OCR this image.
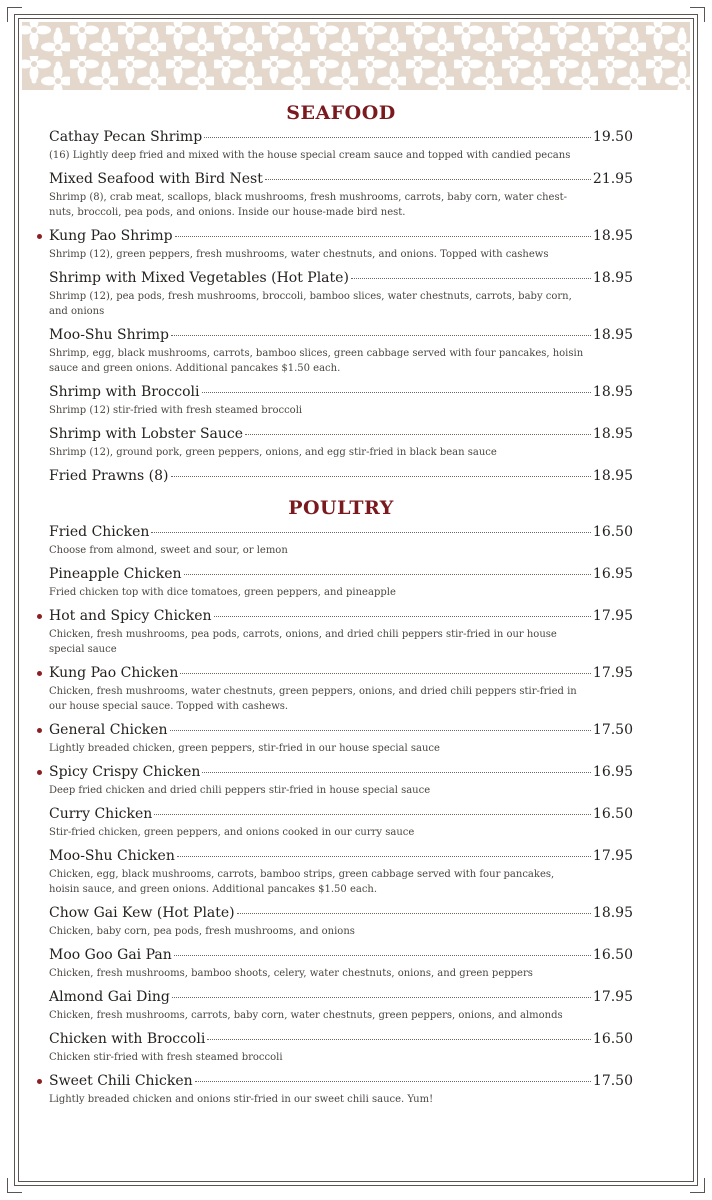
SEAFOOD
Cathay Pecan Shrimp	19.50
(16) Lightly deep fried and mixed with the house special cream sauce and topped with candied pecans
Mixed Seafood with Bird Nest	21.95
Shrimp (8), crab meat, scallops, black mushrooms, fresh mushrooms, carrots, baby corn, water chest-nuts, broccoli, pea pods, and onions. Inside our house-made bird nest.
Kung Pao Shrimp	18.95
Shrimp (12), green peppers, fresh mushrooms, water chestnuts, and onions. Topped with cashews
Shrimp with Mixed Vegetables (Hot Plate)	18.95
Shrimp (12), pea pods, fresh mushrooms, broccoli, bamboo slices, water chestnuts, carrots, baby corn, and onions
Moo-Shu Shrimp	18.95
Shrimp, egg, black mushrooms, carrots, bamboo slices, green cabbage served with four pancakes, hoisin sauce and green onions. Additional pancakes $1.50 each.
Shrimp with Broccoli	18.95
Shrimp (12) stir-fried with fresh steamed broccoli
Shrimp with Lobster Sauce	18.95
Shrimp (12), ground pork, green peppers, onions, and egg stir-fried in black bean sauce
Fried Prawns (8)	18.95
POULTRY
Fried Chicken	16.50
Choose from almond, sweet and sour, or lemon
Pineapple Chicken	16.95
Fried chicken top with dice tomatoes, green peppers, and pineapple
Hot and Spicy Chicken	17.95
Chicken, fresh mushrooms, pea pods, carrots, onions, and dried chili peppers stir-fried in our house special sauce
Kung Pao Chicken	17.95
Chicken, fresh mushrooms, water chestnuts, green peppers, onions, and dried chili peppers stir-fried in our house special sauce. Topped with cashews.
General Chicken	17.50
Lightly breaded chicken, green peppers, stir-fried in our house special sauce
Spicy Crispy Chicken	16.95
Deep fried chicken and dried chili peppers stir-fried in house special sauce
Curry Chicken	16.50
Stir-fried chicken, green peppers, and onions cooked in our curry sauce
Moo-Shu Chicken	17.95
Chicken, egg, black mushrooms, carrots, bamboo strips, green cabbage served with four pancakes, hoisin sauce, and green onions. Additional pancakes $1.50 each.
Chow Gai Kew (Hot Plate)	18.95
Chicken, baby corn, pea pods, fresh mushrooms, and onions
Moo Goo Gai Pan	16.50
Chicken, fresh mushrooms, bamboo shoots, celery, water chestnuts, onions, and green peppers
Almond Gai Ding	17.95
Chicken, fresh mushrooms, carrots, baby corn, water chestnuts, green peppers, onions, and almonds
Chicken with Broccoli	16.50
Chicken stir-fried with fresh steamed broccoli
Sweet Chili Chicken	17.50
Lightly breaded chicken and onions stir-fried in our sweet chili sauce. Yum!
